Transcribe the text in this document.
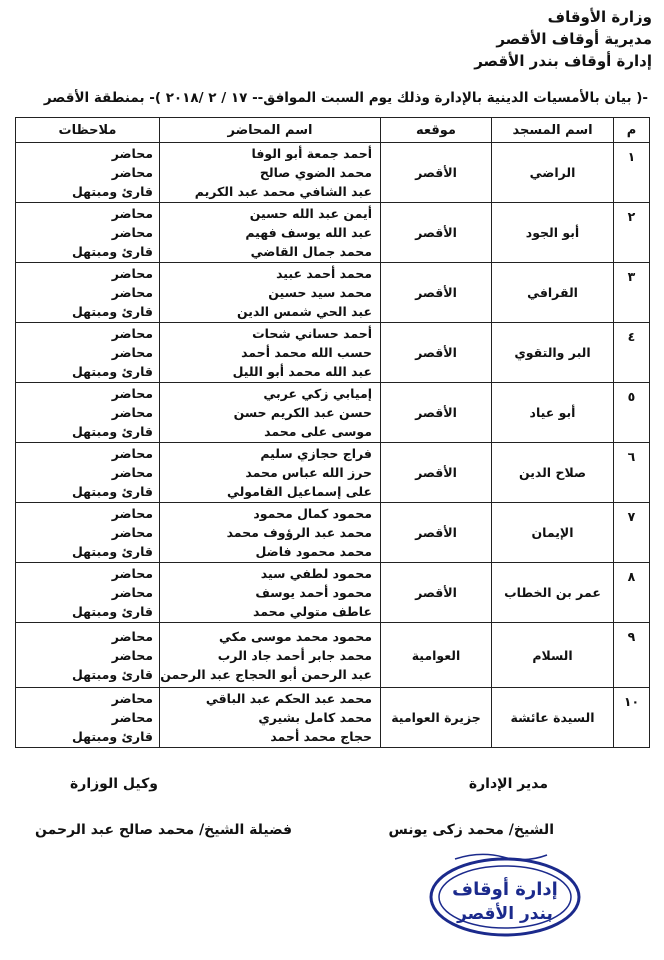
وزارة الأوقاف
مديرية أوقاف الأقصر
إدارة أوقاف بندر الأقصر
-( بيان بالأمسيات الدينية بالإدارة وذلك يوم السبت الموافق-- ١٧ / ٢ /٢٠١٨ )- بمنطقة الأقصر
م	اسم المسجد	موقعه	اسم المحاضر	ملاحظات
١	الراضي	الأقصر	أحمد جمعة أبو الوفا
محمد الضوي صالح
عبد الشافي محمد عبد الكريم	محاضر
محاضر
قارئ ومبتهل

٢	أبو الجود	الأقصر	أيمن عبد الله حسين
عبد الله يوسف فهيم
محمد جمال القاضي	محاضر
محاضر
قارئ ومبتهل

٣	القرافي	الأقصر	محمد أحمد عبيد
محمد سيد حسين
عبد الحي شمس الدين	محاضر
محاضر
قارئ ومبتهل

٤	البر والتقوي	الأقصر	أحمد حساني شحات
حسب الله محمد أحمد
عبد الله محمد أبو الليل	محاضر
محاضر
قارئ ومبتهل

٥	أبو عياد	الأقصر	إميابي زكي عربي
حسن عبد الكريم حسن
موسى على محمد	محاضر
محاضر
قارئ ومبتهل

٦	صلاح الدين	الأقصر	فراج حجازي سليم
حرز الله عباس محمد
على إسماعيل القامولي	محاضر
محاضر
قارئ ومبتهل

٧	الإيمان	الأقصر	محمود كمال محمود
محمد عبد الرؤوف محمد
محمد محمود فاضل	محاضر
محاضر
قارئ ومبتهل

٨	عمر بن الخطاب	الأقصر	محمود لطفي سيد
محمود أحمد يوسف
عاطف متولي محمد	محاضر
محاضر
قارئ ومبتهل

٩	السلام	العوامية	محمود محمد موسى مكي
محمد جابر أحمد جاد الرب
عبد الرحمن أبو الحجاج عبد الرحمن	محاضر
محاضر
قارئ ومبتهل

١٠	السيدة عائشة	جزيرة العوامية	محمد عبد الحكم عبد الباقي
محمد كامل بشيري
حجاج محمد أحمد	محاضر
محاضر
قارئ ومبتهل
مدير الإدارة
وكيل الوزارة
الشيخ/ محمد زكى يونس
فضيلة الشيخ/ محمد صالح عبد الرحمن
إدارة أوقاف
بندر الأقصر
